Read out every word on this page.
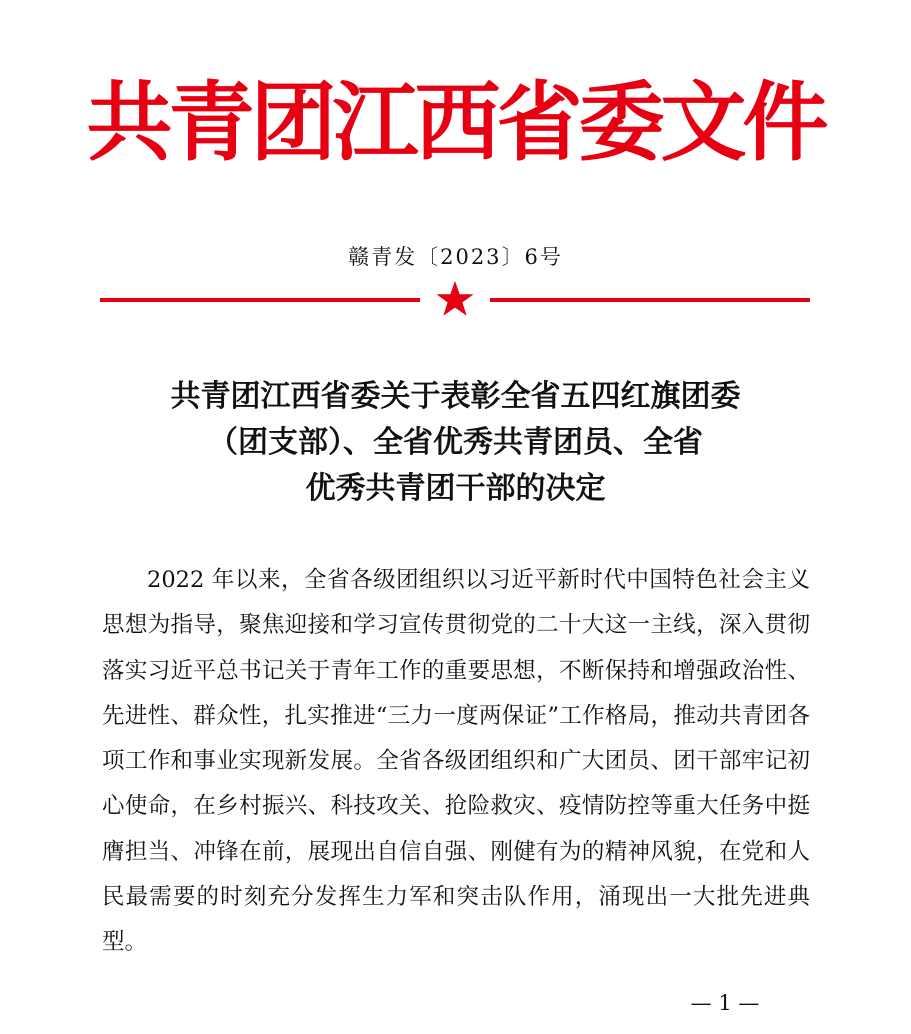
共青团江西省委文件
赣青发〔2023〕6号
共青团江西省委关于表彰全省五四红旗团委
（团支部）、全省优秀共青团员、全省
优秀共青团干部的决定

2022 年以来，全省各级团组织以习近平新时代中国特色社会主义思想为指导，聚焦迎接和学习宣传贯彻党的二十大这一主线，深入贯彻落实习近平总书记关于青年工作的重要思想，不断保持和增强政治性、先进性、群众性，扎实推进“三力一度两保证”工作格局，推动共青团各项工作和事业实现新发展。全省各级团组织和广大团员、团干部牢记初心使命，在乡村振兴、科技攻关、抢险救灾、疫情防控等重大任务中挺膺担当、冲锋在前，展现出自信自强、刚健有为的精神风貌，在党和人民最需要的时刻充分发挥生力军和突击队作用，涌现出一大批先进典型。

— 1 —
